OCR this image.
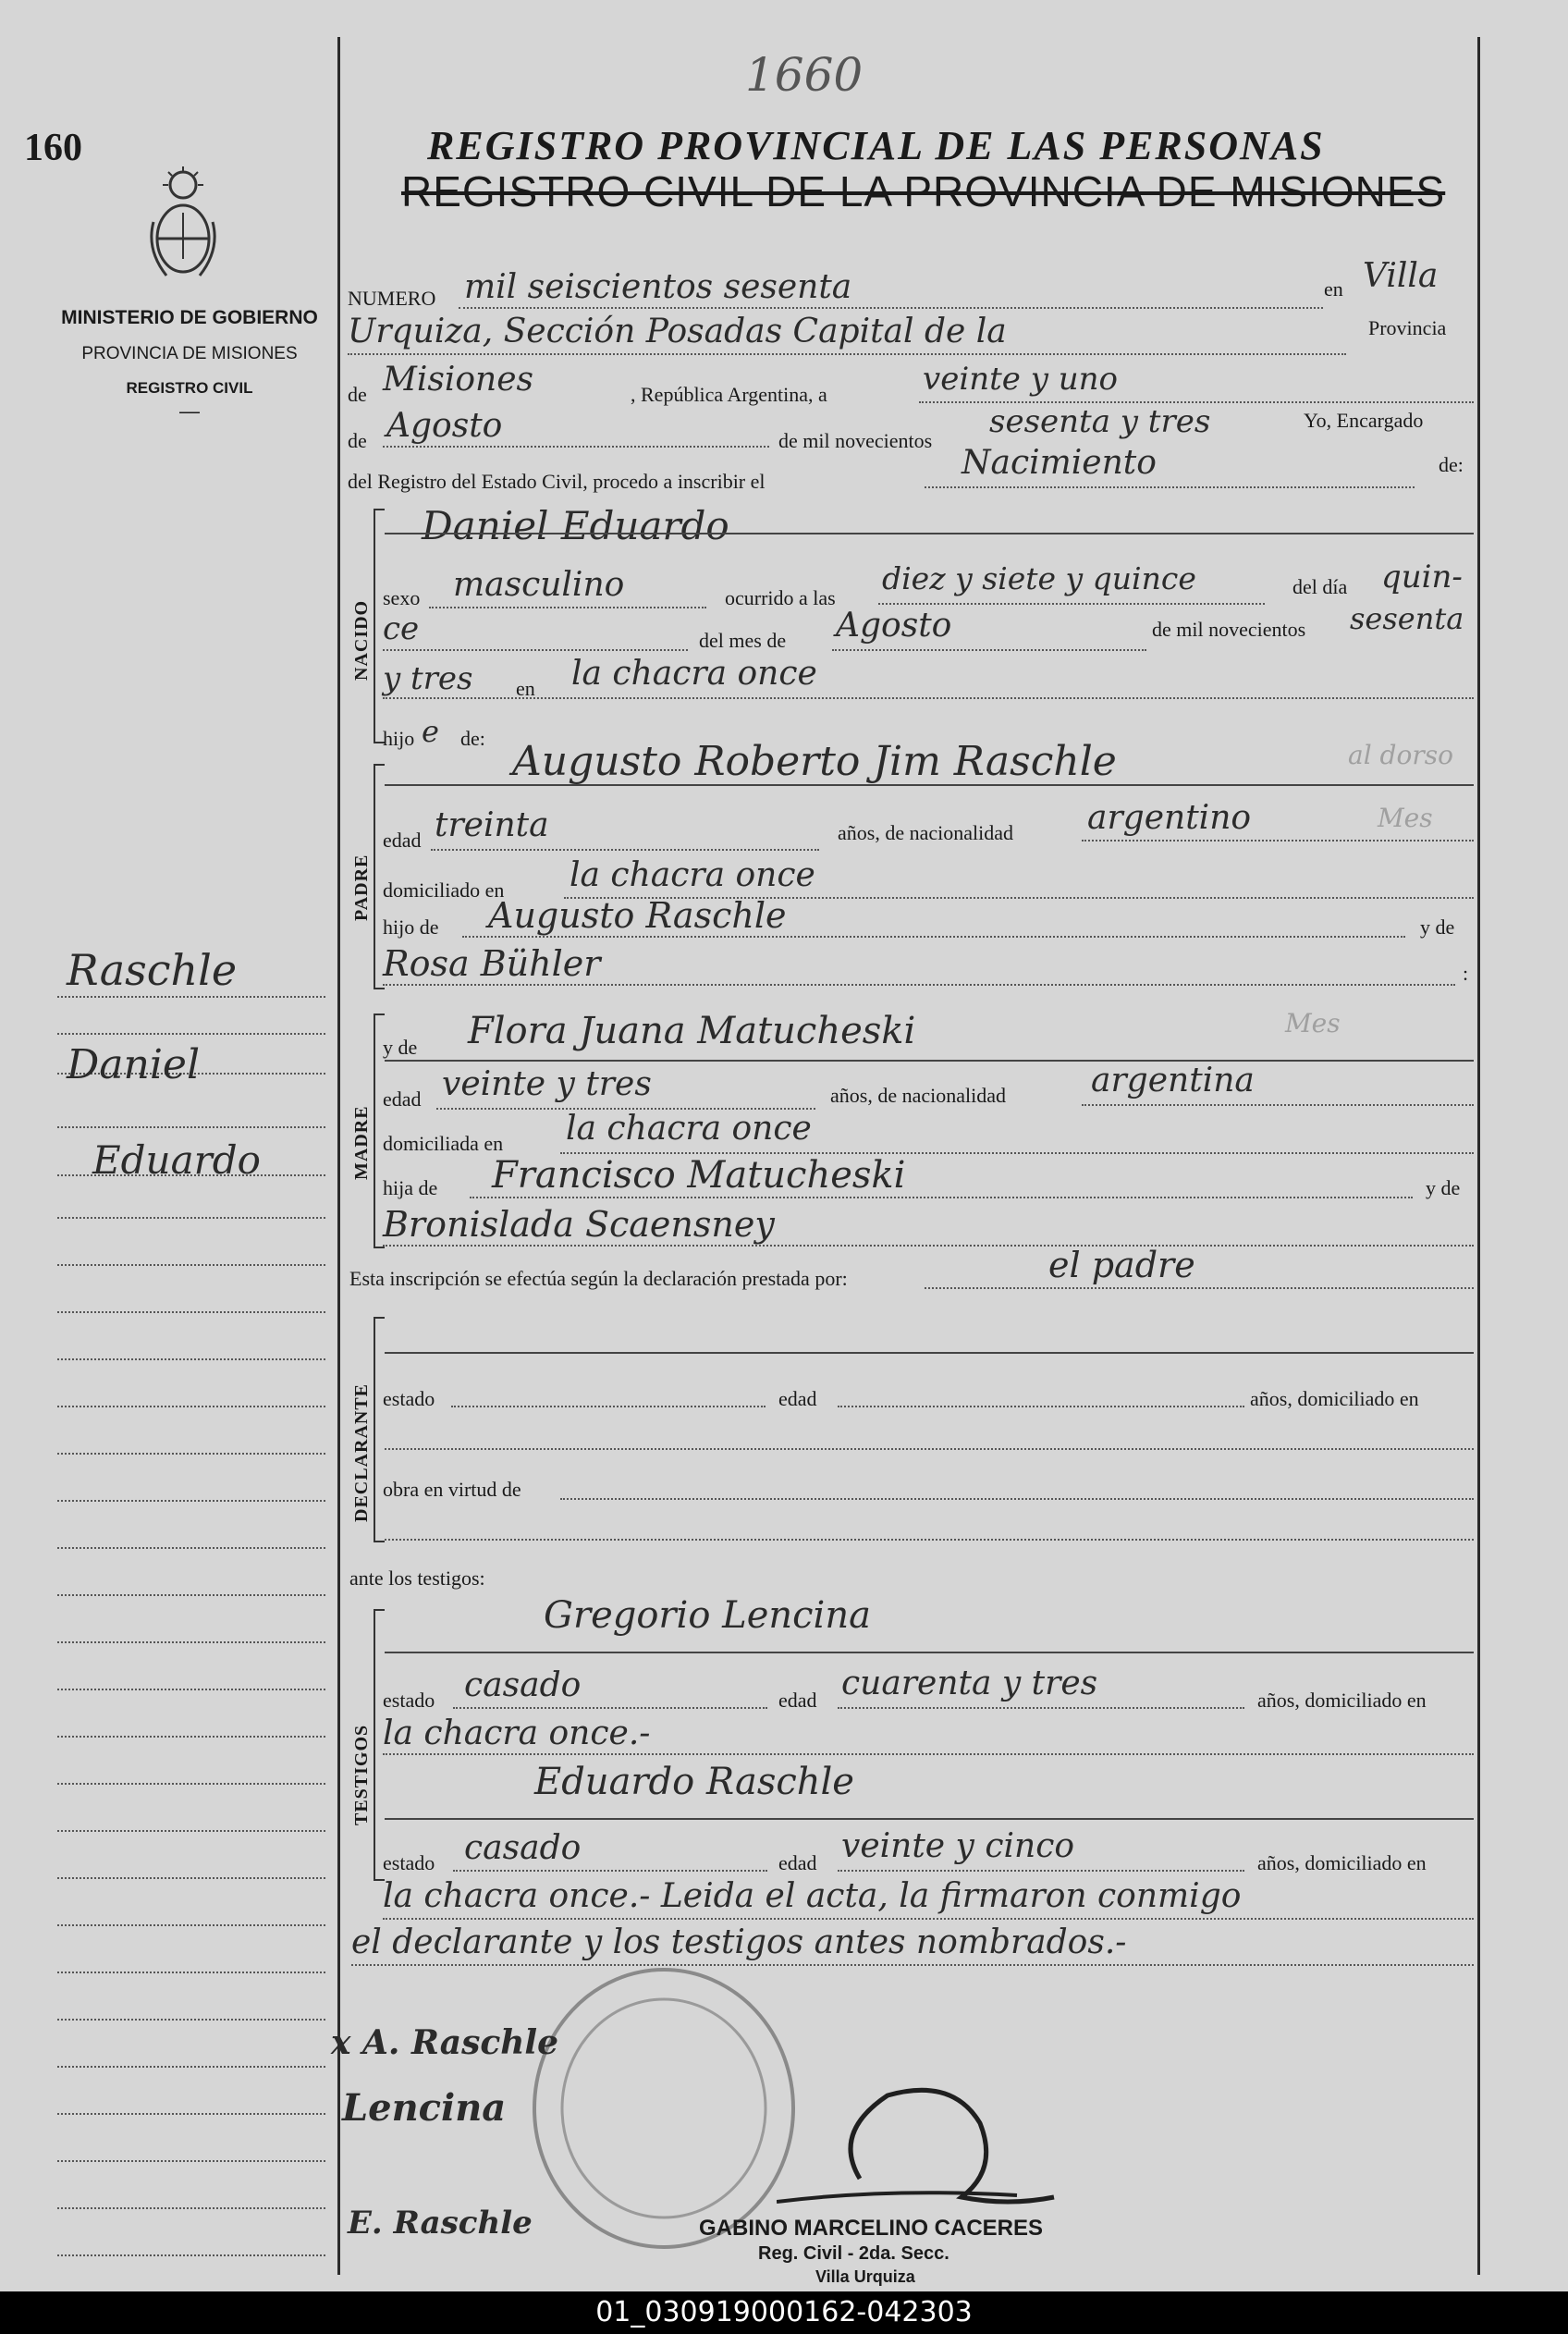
160
MINISTERIO DE GOBIERNO
PROVINCIA DE MISIONES
REGISTRO CIVIL
—
Raschle
Daniel
Eduardo
1660
REGISTRO PROVINCIAL DE LAS PERSONAS
REGISTRO CIVIL DE LA PROVINCIA DE MISIONES
NUMERO mil seiscientos sesenta	en Villa
Urquiza, Sección Posadas Capital de la	Provincia
de Misiones	, República Argentina, a	veinte y uno
de Agosto	de mil novecientos
sesenta y tres	Yo, Encargado
del Registro del Estado Civil, procedo a inscribir el	Nacimiento	de:
NACIDO
Daniel Eduardo
sexo masculino	ocurrido a las
diez y siete y quince	del día quin-
ce	del mes de Agosto	de mil novecientos sesenta
y tres en la chacra once
hijo e de:
PADRE
Augusto Roberto Jim Raschle	al dorso
Mes
edad treinta	años, de nacionalidad argentino
domiciliado en la chacra once
hijo de Augusto Raschle	y de
Rosa Bühler	:
MADRE
y de Flora Juana Matucheski	Mes
edad veinte y tres	años, de nacionalidad	argentina
domiciliada en la chacra once
hija de Francisco Matucheski	y de
Bronislada Scaensney
Esta inscripción se efectúa según la declaración prestada por:	el padre
DECLARANTE estado	edad	años, domiciliado en
obra en virtud de
ante los testigos:
TESTIGOS
Gregorio Lencina
estado casado	edad cuarenta y tres	años, domiciliado en
la chacra once.-
Eduardo Raschle
estado casado	edad veinte y cinco	años, domiciliado en
la chacra once.- Leida el acta, la firmaron conmigo
el declarante y los testigos antes nombrados.-
x A. Raschle
Lencina
E. Raschle	GABINO MARCELINO CACERES
Reg. Civil - 2da. Secc.
Villa Urquiza
01_030919000162-042303
